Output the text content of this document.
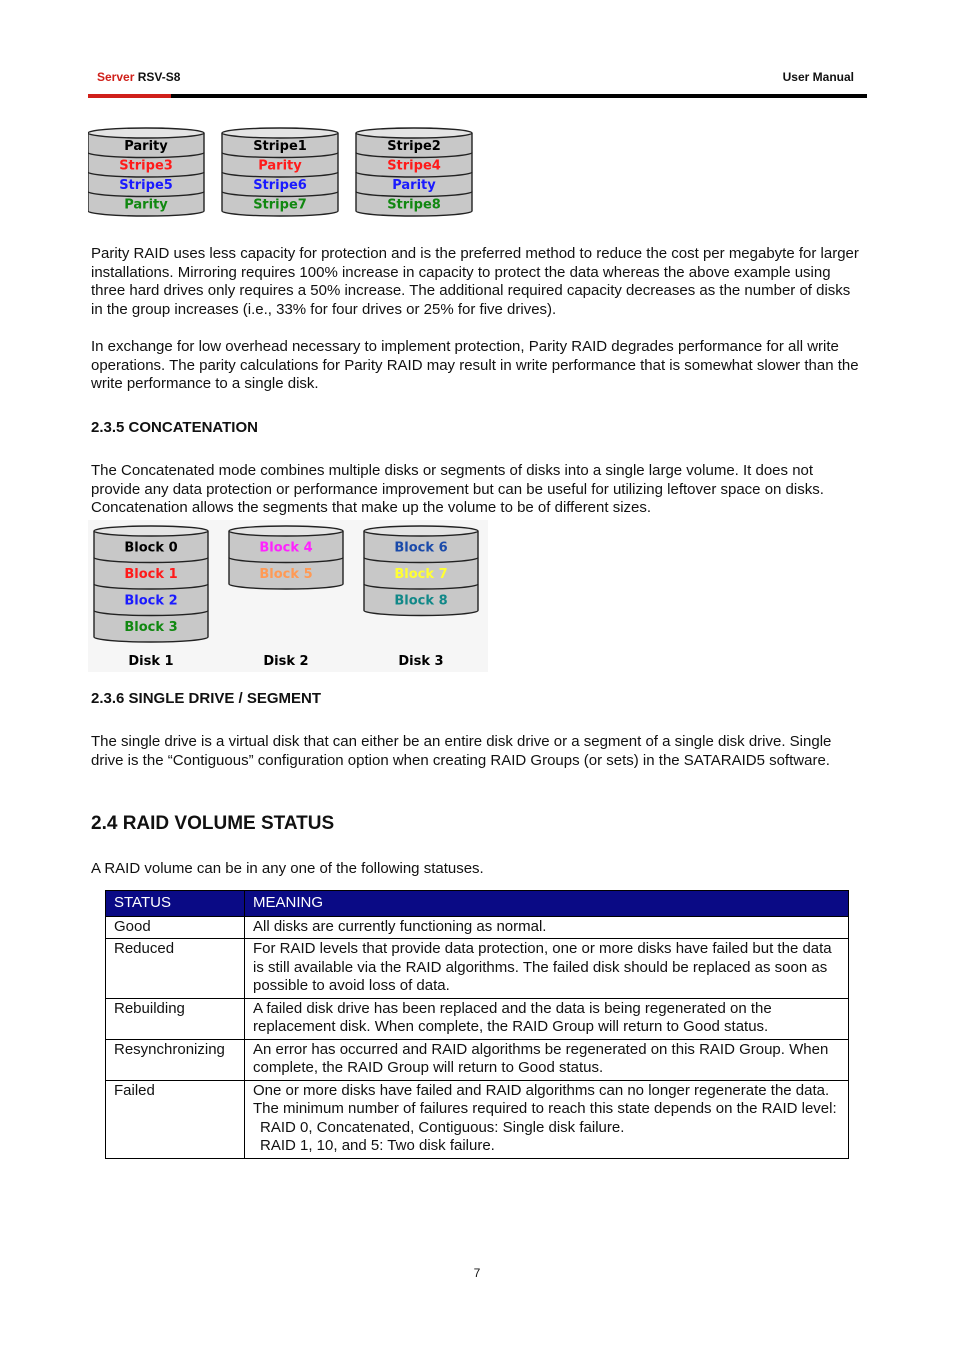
Server RSV-S8	User Manual
Parity
Stripe3
Stripe5
Parity
Stripe1
Parity
Stripe6
Stripe7
Stripe2
Stripe4
Parity
Stripe8

Parity RAID uses less capacity for protection and is the preferred method to reduce the cost per megabyte for larger installations. Mirroring requires 100% increase in capacity to protect the data whereas the above example using three hard drives only requires a 50% increase. The additional required capacity decreases as the number of disks in the group increases (i.e., 33% for four drives or 25% for five drives).

In exchange for low overhead necessary to implement protection, Parity RAID degrades performance for all write operations. The parity calculations for Parity RAID may result in write performance that is somewhat slower than the write performance to a single disk.

2.3.5 CONCATENATION

The Concatenated mode combines multiple disks or segments of disks into a single large volume. It does not provide any data protection or performance improvement but can be useful for utilizing leftover space on disks. Concatenation allows the segments that make up the volume to be of different sizes.

Block 0
Block 1
Block 2
Block 3
Disk 1
Block 4
Block 5
Disk 2
Block 6
Block 7
Block 8
Disk 3
2.3.6 SINGLE DRIVE / SEGMENT

The single drive is a virtual disk that can either be an entire disk drive or a segment of a single disk drive. Single drive is the “Contiguous” configuration option when creating RAID Groups (or sets) in the SATARAID5 software.

2.4 RAID VOLUME STATUS

A RAID volume can be in any one of the following statuses.

STATUS	MEANING
Good	All disks are currently functioning as normal.

Reduced	For RAID levels that provide data protection, one or more disks have failed but the data is still available via the RAID algorithms. The failed disk should be replaced as soon as possible to avoid loss of data.

Rebuilding	A failed disk drive has been replaced and the data is being regenerated on the replacement disk. When complete, the RAID Group will return to Good status.

Resynchronizing	An error has occurred and RAID algorithms be regenerated on this RAID Group. When complete, the RAID Group will return to Good status.

Failed	One or more disks have failed and RAID algorithms can no longer regenerate the data. The minimum number of failures required to reach this state depends on the RAID level:
RAID 0, Concatenated, Contiguous: Single disk failure.
RAID 1, 10, and 5: Two disk failure.
7
